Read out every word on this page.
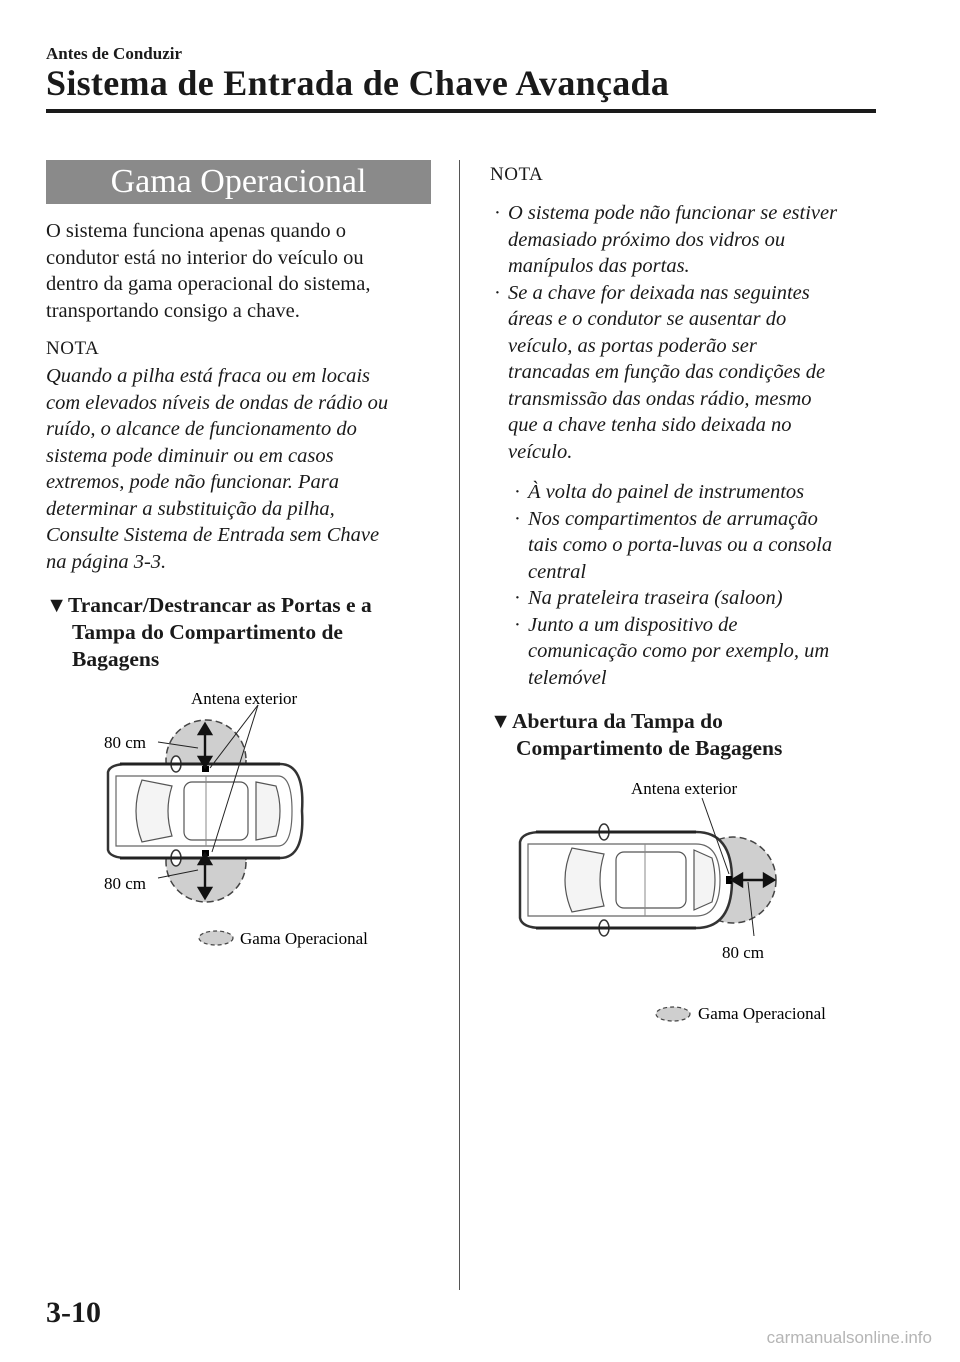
Antes de Conduzir
Sistema de Entrada de Chave Avançada
Gama Operacional
O sistema funciona apenas quando o
condutor está no interior do veículo ou
dentro da gama operacional do sistema,
transportando consigo a chave.
NOTA
Quando a pilha está fraca ou em locais
com elevados níveis de ondas de rádio ou
ruído, o alcance de funcionamento do
sistema pode diminuir ou em casos
extremos, pode não funcionar. Para
determinar a substituição da pilha,
Consulte Sistema de Entrada sem Chave
na página 3-3.
▼Trancar/Destrancar as Portas e a
Tampa do Compartimento de
Bagagens
Antena exterior
80 cm
80 cm
Gama Operacional
NOTA
· O sistema pode não funcionar se estiver
demasiado próximo dos vidros ou
manípulos das portas.
· Se a chave for deixada nas seguintes
áreas e o condutor se ausentar do
veículo, as portas poderão ser
trancadas em função das condições de
transmissão das ondas rádio, mesmo
que a chave tenha sido deixada no
veículo.
· À volta do painel de instrumentos
· Nos compartimentos de arrumação
tais como o porta-luvas ou a consola
central
· Na prateleira traseira (saloon)
· Junto a um dispositivo de
comunicação como por exemplo, um
telemóvel
▼Abertura da Tampa do
Compartimento de Bagagens
Antena exterior
80 cm
Gama Operacional
3-10
carmanualsonline.info
